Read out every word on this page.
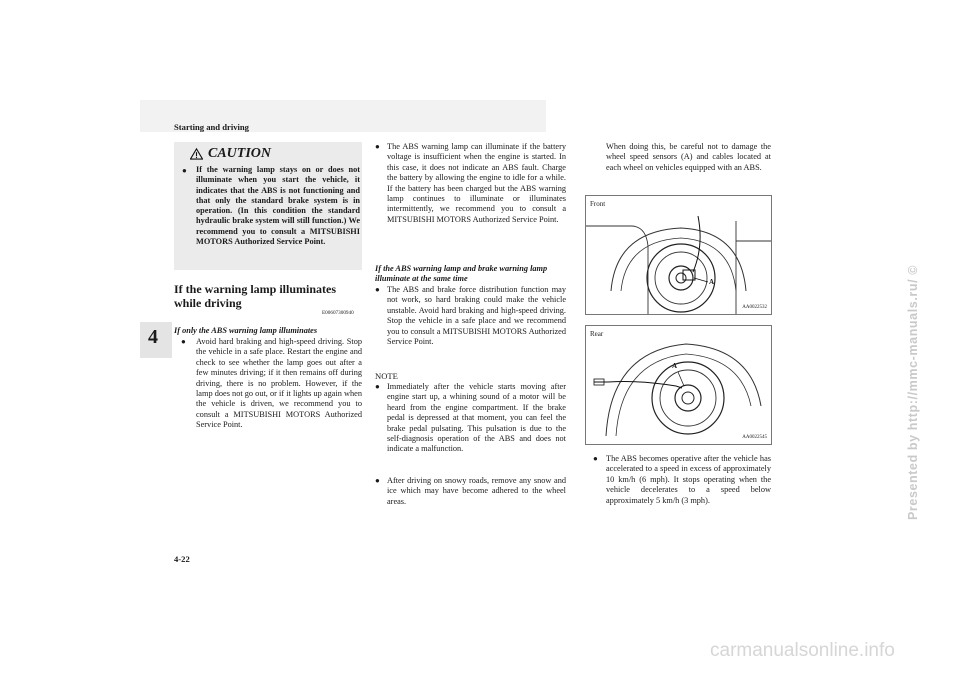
Starting and driving
4	Presented by http://mmc-manuals.ru/ ©
4-22
carmanualsonline.info
CAUTION
● If the warning lamp stays on or does not illuminate when you start the vehicle, it indicates that the ABS is not functioning and that only the standard brake system is in operation. (In this condition the standard hydraulic brake system will still function.) We recommend you to consult a MITSUBISHI MOTORS Authorized Service Point.
If the warning lamp illuminates while driving
E00607300940
If only the ABS warning lamp illuminates
● Avoid hard braking and high-speed driving. Stop the vehicle in a safe place. Restart the engine and check to see whether the lamp goes out after a few minutes driving; if it then remains off during driving, there is no problem. However, if the lamp does not go out, or if it lights up again when the vehicle is driven, we recommend you to consult a MITSUBISHI MOTORS Authorized Service Point.
● The ABS warning lamp can illuminate if the battery voltage is insufficient when the engine is started. In this case, it does not indicate an ABS fault. Charge the battery by allowing the engine to idle for a while. If the battery has been charged but the ABS warning lamp continues to illuminate or illuminates intermittently, we recommend you to consult a MITSUBISHI MOTORS Authorized Service Point.
If the ABS warning lamp and brake warning lamp illuminate at the same time
● The ABS and brake force distribution function may not work, so hard braking could make the vehicle unstable. Avoid hard braking and high-speed driving. Stop the vehicle in a safe place and we recommend you to consult a MITSUBISHI MOTORS Authorized Service Point.
NOTE
● Immediately after the vehicle starts moving after engine start up, a whining sound of a motor will be heard from the engine compartment. If the brake pedal is depressed at that moment, you can feel the brake pedal pulsating. This pulsation is due to the self-diagnosis operation of the ABS and does not indicate a malfunction.
● After driving on snowy roads, remove any snow and ice which may have become adhered to the wheel areas.
When doing this, be careful not to damage the wheel speed sensors (A) and cables located at each wheel on vehicles equipped with an ABS.
Front
A
AA0022532
Rear
A
AA0022545
● The ABS becomes operative after the vehicle has accelerated to a speed in excess of approximately 10 km/h (6 mph). It stops operating when the vehicle decelerates to a speed below approximately 5 km/h (3 mph).
